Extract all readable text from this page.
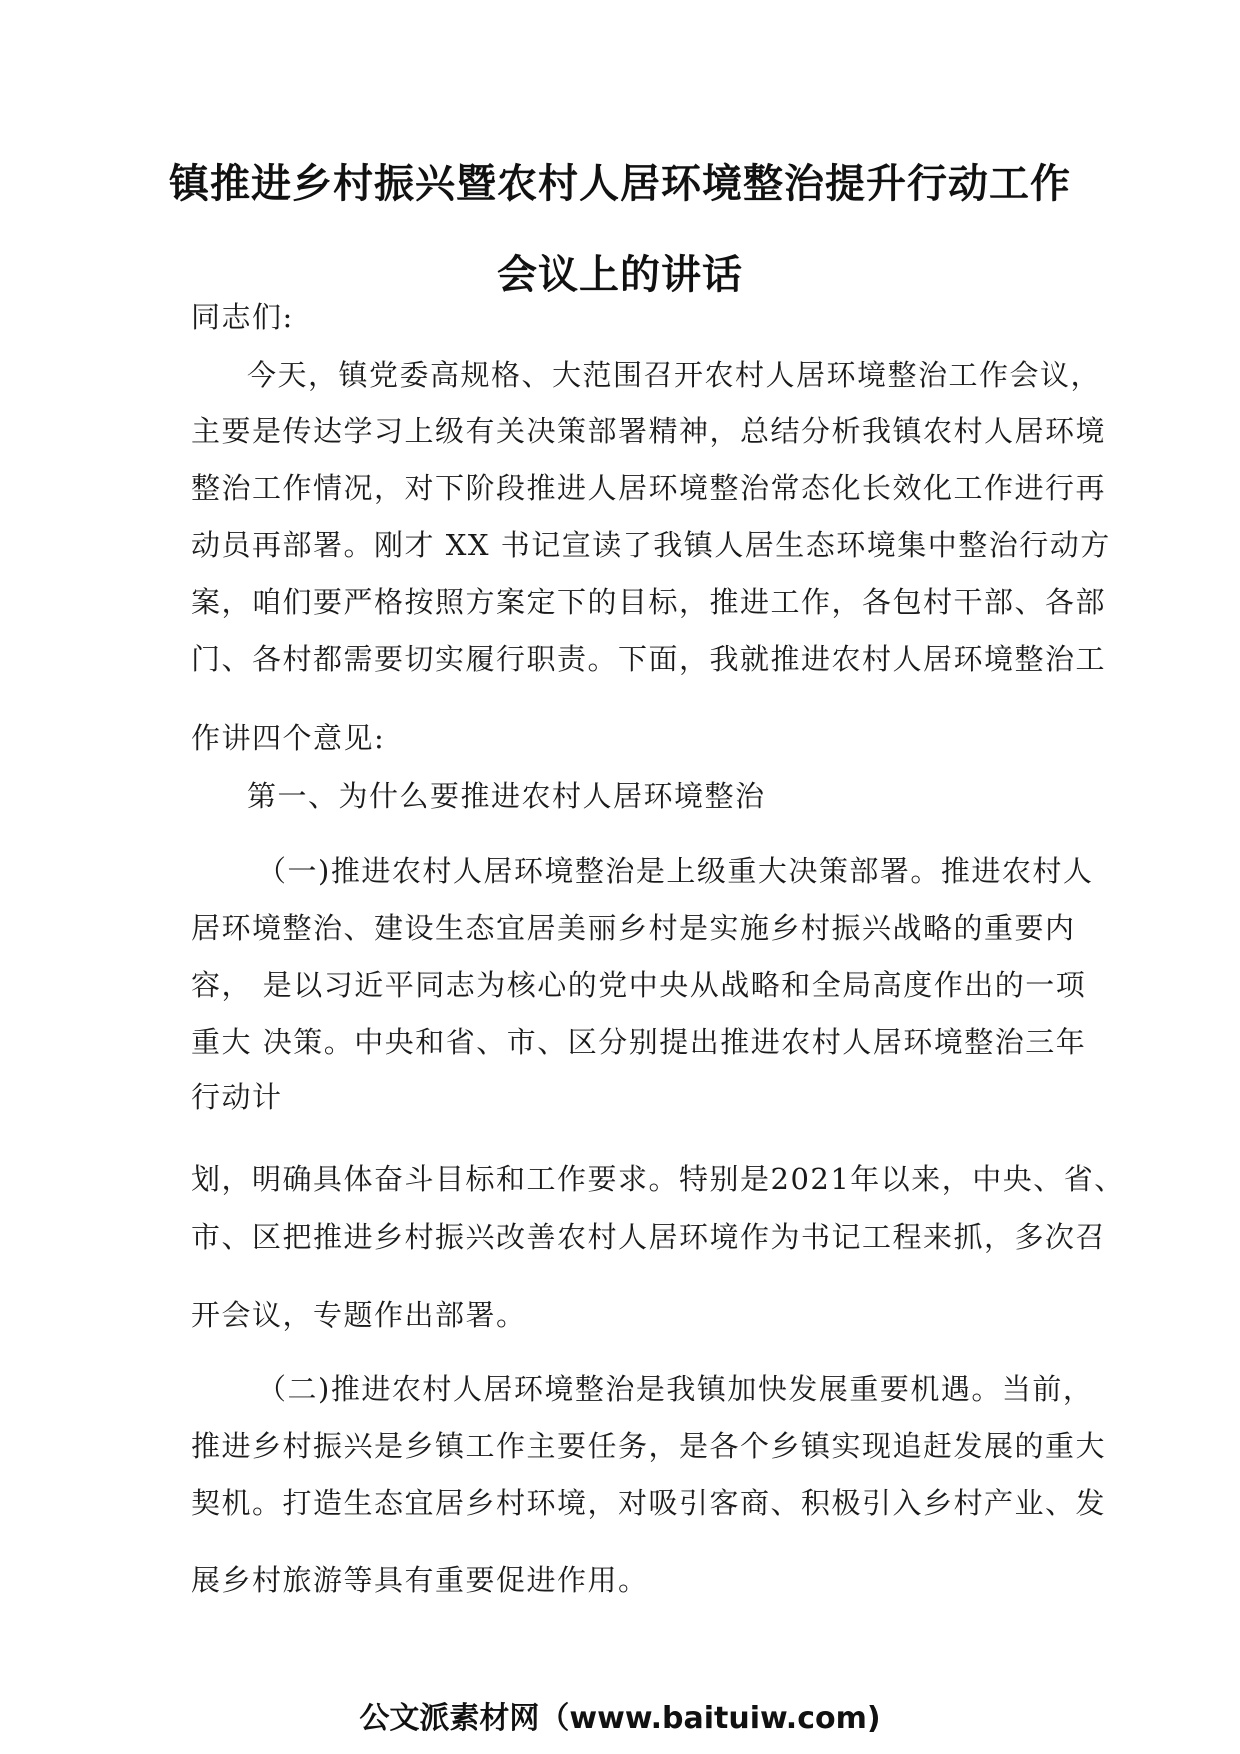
镇推进乡村振兴暨农村人居环境整治提升行动工作
会议上的讲话
同志们:
今天，镇党委高规格、大范围召开农村人居环境整治工作会议，
主要是传达学习上级有关决策部署精神，总结分析我镇农村人居环境
整治工作情况，对下阶段推进人居环境整治常态化长效化工作进行再
动员再部署。刚才 XX 书记宣读了我镇人居生态环境集中整治行动方
案，咱们要严格按照方案定下的目标，推进工作，各包村干部、各部
门、各村都需要切实履行职责。下面，我就推进农村人居环境整治工
作讲四个意见:
第一、为什么要推进农村人居环境整治
（一)推进农村人居环境整治是上级重大决策部署。推进农村人
居环境整治、建设生态宜居美丽乡村是实施乡村振兴战略的重要内
容， 是以习近平同志为核心的党中央从战略和全局高度作出的一项
重大 决策。中央和省、市、区分别提出推进农村人居环境整治三年
行动计
划，明确具体奋斗目标和工作要求。特别是2021年以来，中央、省、
市、区把推进乡村振兴改善农村人居环境作为书记工程来抓，多次召
开会议，专题作出部署。
（二)推进农村人居环境整治是我镇加快发展重要机遇。当前，
推进乡村振兴是乡镇工作主要任务，是各个乡镇实现追赶发展的重大
契机。打造生态宜居乡村环境，对吸引客商、积极引入乡村产业、发
展乡村旅游等具有重要促进作用。
公文派素材网（www.baituiw.com)
